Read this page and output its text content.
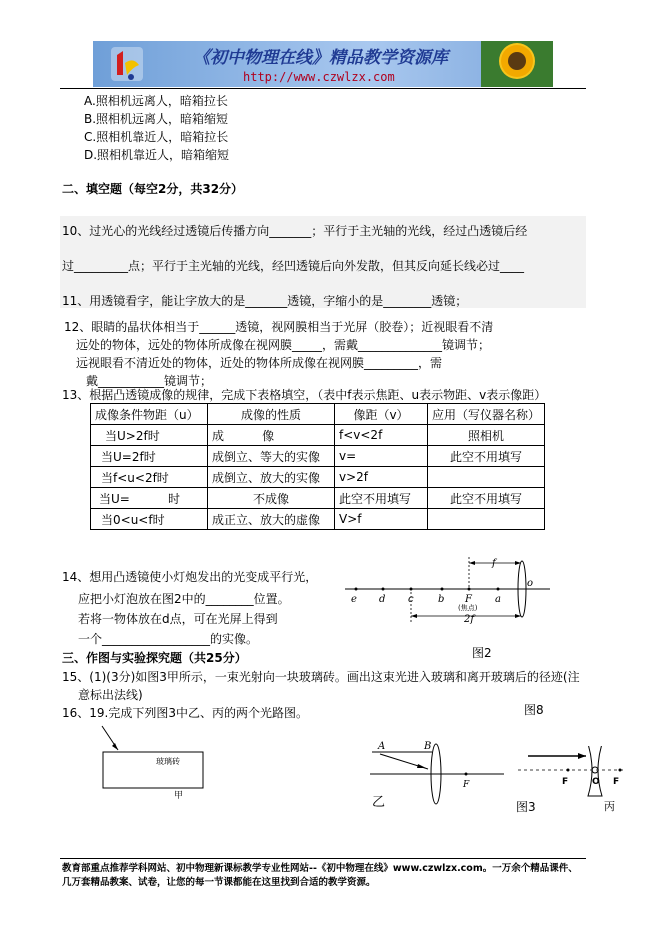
《初中物理在线》精品教学资源库
http://www.czwlzx.com
A.照相机远离人，暗箱拉长
B.照相机远离人，暗箱缩短
C.照相机靠近人，暗箱拉长
D.照相机靠近人，暗箱缩短
二、填空题（每空2分，共32分）
10、过光心的光线经过透镜后传播方向_______；平行于主光轴的光线，经过凸透镜后经
过_________点；平行于主光轴的光线，经凹透镜后向外发散，但其反向延长线必过____
11、用透镜看字，能让字放大的是_______透镜，字缩小的是________透镜；
12、眼睛的晶状体相当于______透镜，视网膜相当于光屏（胶卷）；近视眼看不清
远处的物体，远处的物体所成像在视网膜_____，需戴______________镜调节；
远视眼看不清近处的物体，近处的物体所成像在视网膜_________，需
戴___________镜调节；
13、根据凸透镜成像的规律，完成下表格填空，（表中f表示焦距、u表示物距、v表示像距）
成像条件物距（u）	成像的性质	像距（v）	应用（写仪器名称）
当U>2f时	成          像	f<v<2f	照相机
当U=2f时	成倒立、等大的实像	v=	此空不用填写
当f<u<2f时	成倒立、放大的实像	v>2f	
当U=          时	不成像	此空不用填写	此空不用填写
当0<u<f时	成正立、放大的虚像	V>f	
14、想用凸透镜使小灯炮发出的光变成平行光，
应把小灯泡放在图2中的________位置。
若将一物体放在d点，可在光屏上得到
一个__________________的实像。
f
e d c b F a
o
(焦点)
2f
图2
三、作图与实验探究题（共25分）
15、(1)(3分)如图3甲所示，一束光射向一块玻璃砖。画出这束光进入玻璃和离开玻璃后的径迹(注
意标出法线)
图8
16、19.完成下列图3中乙、丙的两个光路图。
玻璃砖
甲
A	B
F
乙
F	O F
丙
图3
教育部重点推荐学科网站、初中物理新课标教学专业性网站--《初中物理在线》www.czwlzx.com。一万余个精品课件、
几万套精品教案、试卷，让您的每一节课都能在这里找到合适的教学资源。
